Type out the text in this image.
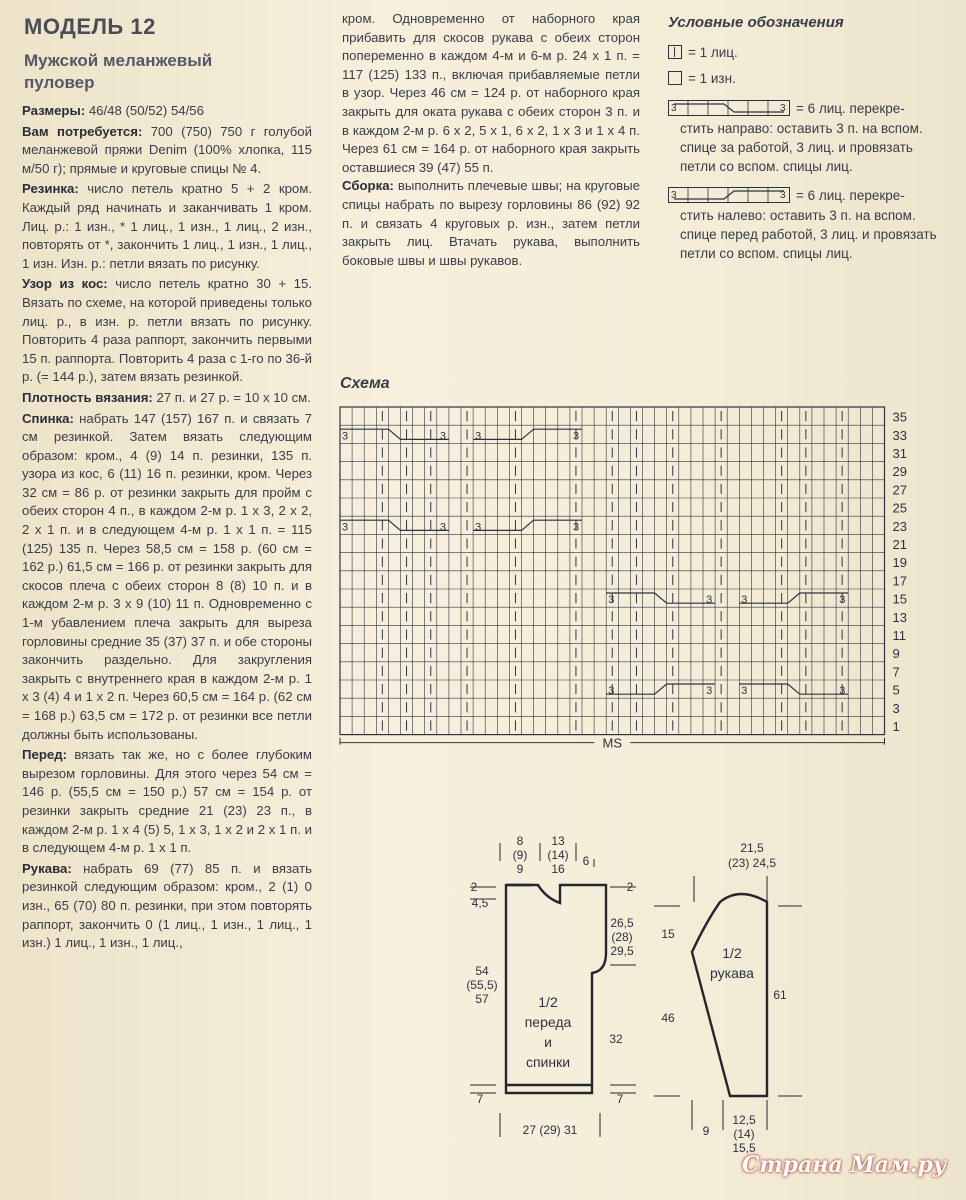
МОДЕЛЬ 12
Мужской меланжевый
пуловер

Размеры: 46/48 (50/52) 54/56

Вам потребуется: 700 (750) 750 г голубой меланжевой пряжи Denim (100% хлопка, 115 м/50 г); прямые и круговые спицы № 4.

Резинка: число петель кратно 5 + 2 кром. Каждый ряд начинать и заканчивать 1 кром. Лиц. р.: 1 изн., * 1 лиц., 1 изн., 1 лиц., 2 изн., повторять от *, закончить 1 лиц., 1 изн., 1 лиц., 1 изн. Изн. р.: петли вязать по рисунку.

Узор из кос: число петель кратно 30 + 15. Вязать по схеме, на которой приведены только лиц. р., в изн. р. петли вязать по рисунку. Повторить 4 раза раппорт, закончить первыми 15 п. раппорта. Повторить 4 раза с 1-го по 36-й р. (= 144 р.), затем вязать резинкой.

Плотность вязания: 27 п. и 27 р. = 10 х 10 см.

Спинка: набрать 147 (157) 167 п. и связать 7 см резинкой. Затем вязать следующим образом: кром., 4 (9) 14 п. резинки, 135 п. узора из кос, 6 (11) 16 п. резинки, кром. Через 32 см = 86 р. от резинки закрыть для пройм с обеих сторон 4 п., в каждом 2-м р. 1 х 3, 2 х 2, 2 х 1 п. и в следующем 4-м р. 1 х 1 п. = 115 (125) 135 п. Через 58,5 см = 158 р. (60 см = 162 р.) 61,5 см = 166 р. от резинки закрыть для скосов плеча с обеих сторон 8 (8) 10 п. и в каждом 2-м р. 3 х 9 (10) 11 п. Одновременно с 1-м убавлением плеча закрыть для выреза горловины средние 35 (37) 37 п. и обе стороны закончить раздельно. Для закругления закрыть с внутреннего края в каждом 2-м р. 1 х 3 (4) 4 и 1 х 2 п. Через 60,5 см = 164 р. (62 см = 168 р.) 63,5 см = 172 р. от резинки все петли должны быть использованы.

Перед: вязать так же, но с более глубоким вырезом горловины. Для этого через 54 см = 146 р. (55,5 см = 150 р.) 57 см = 154 р. от резинки закрыть средние 21 (23) 23 п., в каждом 2-м р. 1 х 4 (5) 5, 1 х 3, 1 х 2 и 2 х 1 п. и в следующем 4-м р. 1 х 1 п.

Рукава: набрать 69 (77) 85 п. и вязать резинкой следующим образом: кром., 2 (1) 0 изн., 65 (70) 80 п. резинки, при этом повторять раппорт, закончить 0 (1 лиц., 1 изн., 1 лиц., 1 изн.) 1 лиц., 1 изн., 1 лиц.,

кром. Одновременно от наборного края прибавить для скосов рукава с обеих сторон попеременно в каждом 4-м и 6-м р. 24 х 1 п. = 117 (125) 133 п., включая прибавляемые петли в узор. Через 46 см = 124 р. от наборного края закрыть для оката рукава с обеих сторон 3 п. и в каждом 2-м р. 6 х 2, 5 х 1, 6 х 2, 1 х 3 и 1 х 4 п. Через 61 см = 164 р. от наборного края закрыть оставшиеся 39 (47) 55 п.

Сборка: выполнить плечевые швы; на круговые спицы набрать по вырезу горловины 86 (92) 92 п. и связать 4 круговых р. изн., затем петли закрыть лиц. Втачать рукава, выполнить боковые швы и швы рукавов.

Условные обозначения
= 1 лиц.
= 1 изн.
3	3 = 6 лиц. перекре-
стить направо: оставить 3 п. на вспом. спице за работой, 3 лиц. и провязать петли со вспом. спицы лиц.
3	3 = 6 лиц. перекре-
стить налево: оставить 3 п. на вспом. спице перед работой, 3 лиц. и провязать петли со вспом. спицы лиц.
Схема
3	3	3	3
3	3	3	3
3	3	3	3
3	3	3	3
35
33
31
29
27
25
23
21
19
17
15
13
11
9
7
5
3
1
MS
8
(9)
9
13
(14)
16
6
2
4,5
2
26,5
(28)
29,5
54
(55,5)
57	1/2
переда
и
спинки
32
7	7
27 (29) 31
21,5
(23) 24,5
15
1/2
рукава
46
61
9
12,5
(14)
15,5
Страна Мам.ру
